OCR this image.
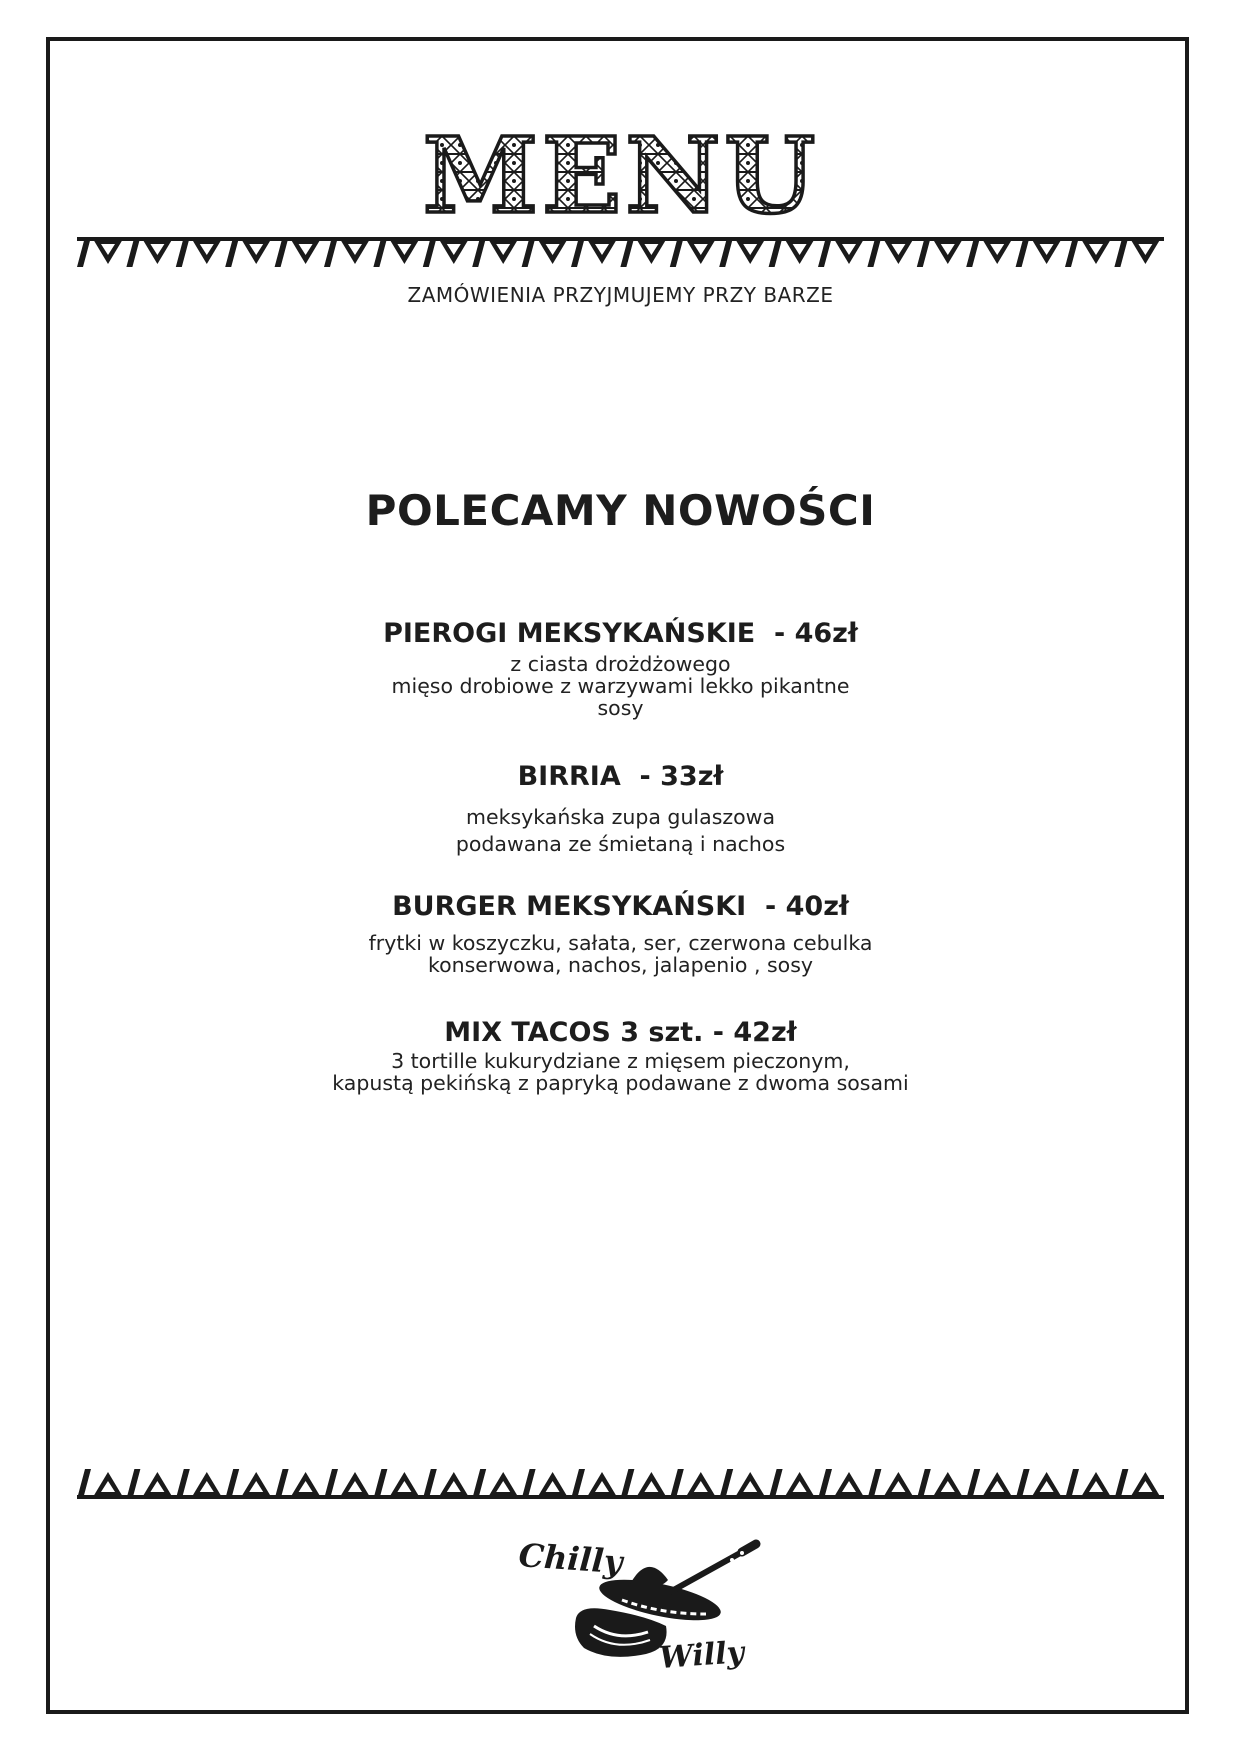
MENU
ZAMÓWIENIA PRZYJMUJEMY PRZY BARZE
POLECAMY NOWOŚCI
PIEROGI MEKSYKAŃSKIE  - 46zł
z ciasta drożdżowego
mięso drobiowe z warzywami lekko pikantne
sosy
BIRRIA  - 33zł
meksykańska zupa gulaszowa
podawana ze śmietaną i nachos
BURGER MEKSYKAŃSKI  - 40zł
frytki w koszyczku, sałata, ser, czerwona cebulka
konserwowa, nachos, jalapenio , sosy
MIX TACOS 3 szt. - 42zł
3 tortille kukurydziane z mięsem pieczonym,
kapustą pekińską z papryką podawane z dwoma sosami
Chilly
Willy
